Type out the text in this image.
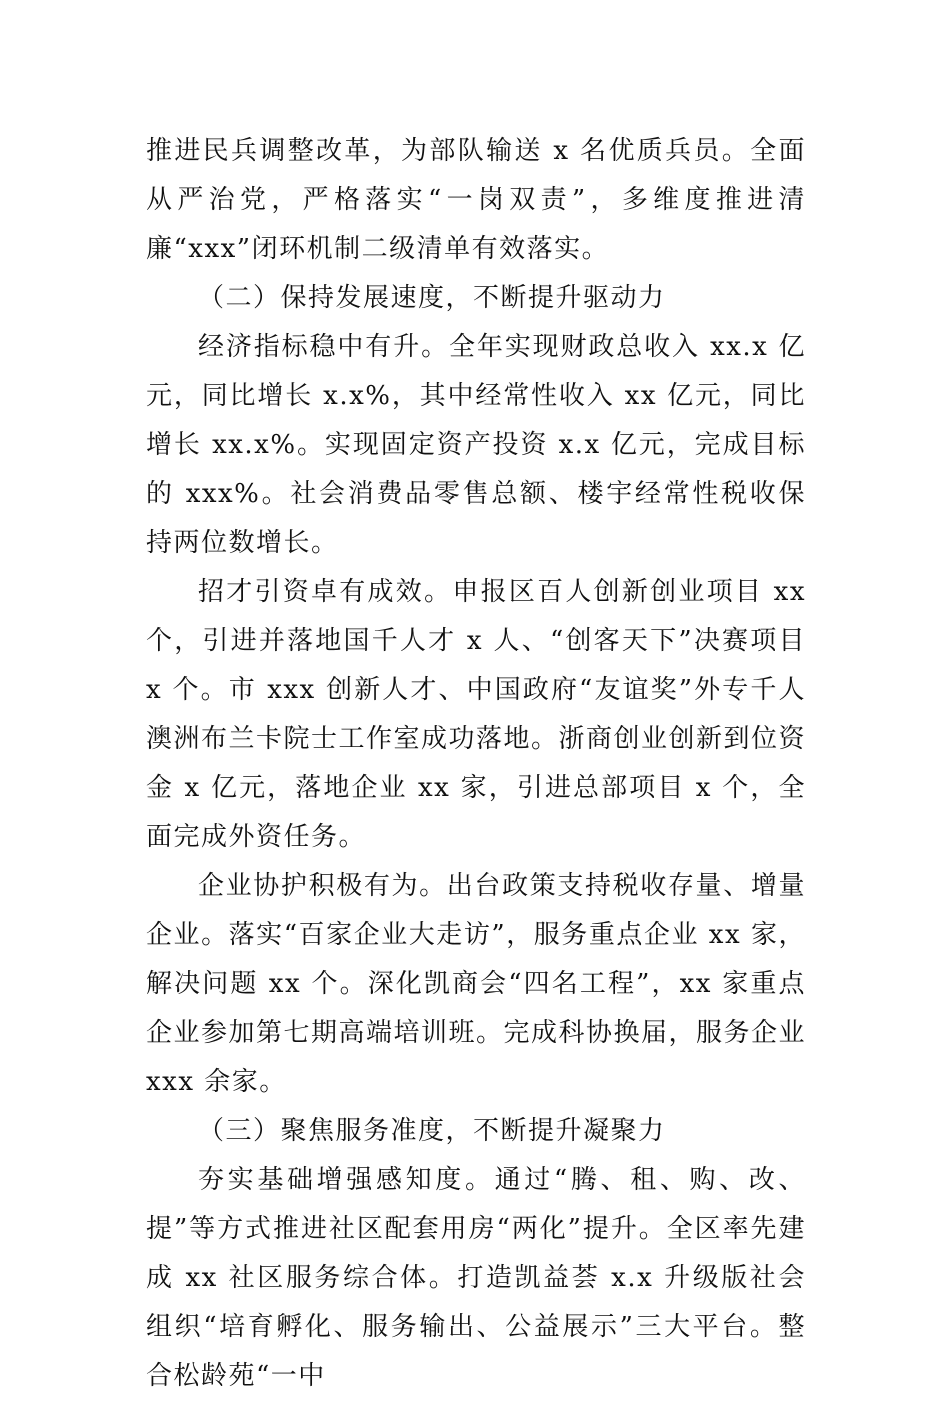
推进民兵调整改革，为部队输送 x 名优质兵员。全面从严治党，严格落实“一岗双责”，多维度推进清廉“xxx”闭环机制二级清单有效落实。

（二）保持发展速度，不断提升驱动力

经济指标稳中有升。全年实现财政总收入 xx.x 亿元，同比增长 x.x%，其中经常性收入 xx 亿元，同比增长 xx.x%。实现固定资产投资 x.x 亿元，完成目标的 xxx%。社会消费品零售总额、楼宇经常性税收保持两位数增长。

招才引资卓有成效。申报区百人创新创业项目 xx 个，引进并落地国千人才 x 人、“创客天下”决赛项目 x 个。市 xxx 创新人才、中国政府“友谊奖”外专千人澳洲布兰卡院士工作室成功落地。浙商创业创新到位资金 x 亿元，落地企业 xx 家，引进总部项目 x 个，全面完成外资任务。

企业协护积极有为。出台政策支持税收存量、增量企业。落实“百家企业大走访”，服务重点企业 xx 家，解决问题 xx 个。深化凯商会“四名工程”，xx 家重点企业参加第七期高端培训班。完成科协换届，服务企业 xxx 余家。

（三）聚焦服务准度，不断提升凝聚力

夯实基础增强感知度。通过“腾、租、购、改、提”等方式推进社区配套用房“两化”提升。全区率先建成 xx 社区服务综合体。打造凯益荟 x.x 升级版社会组织“培育孵化、服务输出、公益展示”三大平台。整合松龄苑“一中
